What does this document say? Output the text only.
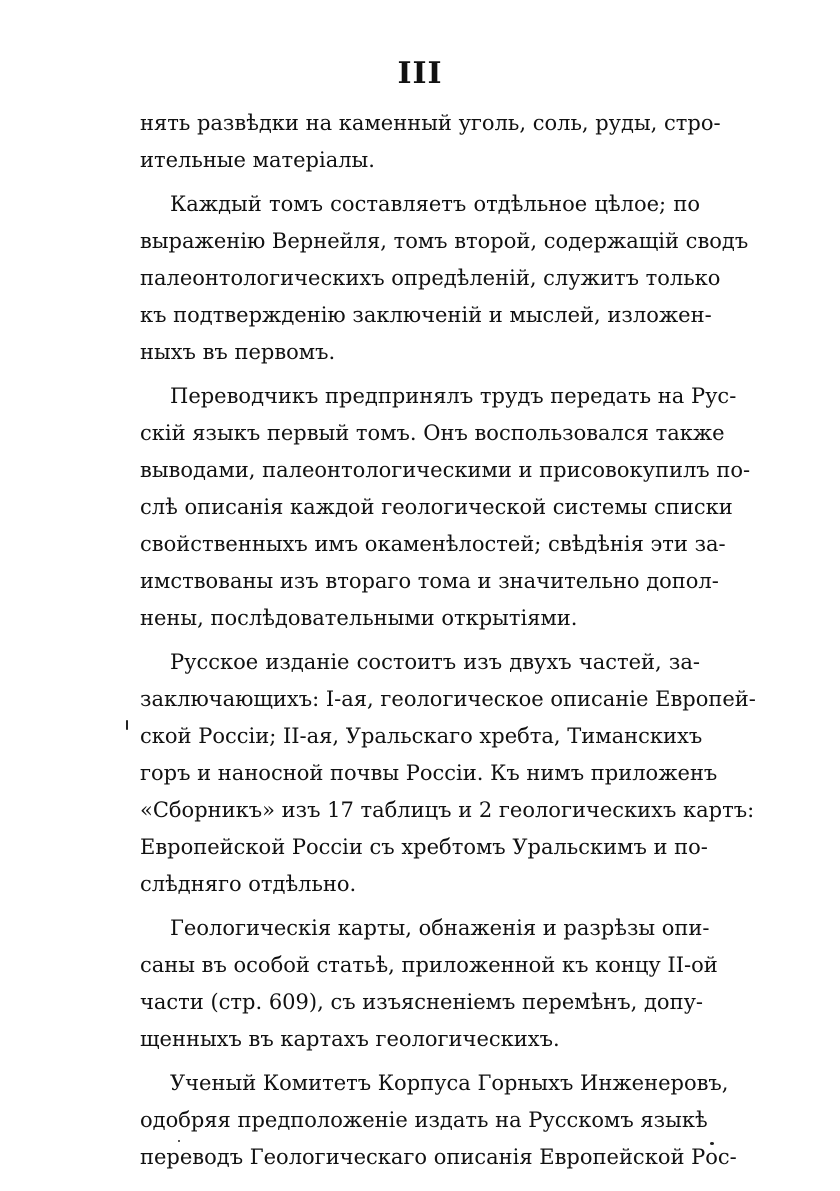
III
нять развѣдки на каменный уголь, соль, руды, стро-
ительные матеріалы.
Каждый томъ составляетъ отдѣльное цѣлое; по
выраженію Вернейля, томъ второй, содержащій сводъ
палеонтологическихъ опредѣлeній, служитъ только
къ подтвержденію заключеній и мыслей, изложен-
ныхъ въ первомъ.
Переводчикъ предпринялъ трудъ передать на Рус-
скій языкъ первый томъ. Онъ воспользовался также
выводами, палеонтологическими и присовокупилъ по-
слѣ описанія каждой геологической системы списки
свойственныхъ имъ окаменѣлостей; свѣдѣнія эти за-
имствованы изъ втораго тома и значительно допол-
нены, послѣдовательными открытіями.
Русское изданіе состоитъ изъ двухъ частей, за-
заключающихъ: I-ая, геологическое описаніе Европей-
ской Россіи; II-ая, Уральскаго хребта, Тиманскихъ
горъ и наносной почвы Россіи. Къ нимъ приложенъ
«Сборникъ» изъ 17 таблицъ и 2 геологическихъ картъ:
Европейской Россіи съ хребтомъ Уральскимъ и по-
слѣдняго отдѣльно.
Геологическія карты, обнаженія и разрѣзы опи-
саны въ особой статьѣ, приложенной къ концу II-ой
части (стр. 609), съ изъясненіемъ перемѣнъ, допу-
щенныхъ въ картахъ геологическихъ.
Ученый Комитетъ Корпуса Горныхъ Инженеровъ,
одобряя предположеніе издать на Русскомъ языкѣ
переводъ Геологическаго описанія Европейской Рос-
